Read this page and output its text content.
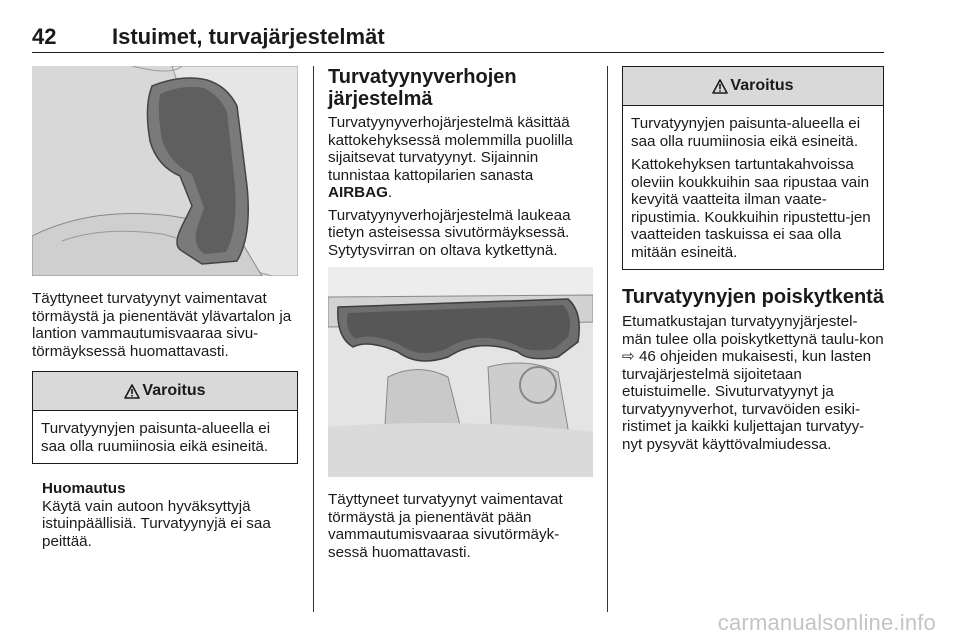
42	Istuimet, turvajärjestelmät

Täyttyneet turvatyynyt vaimentavat törmäystä ja pienentävät ylävartalon ja lantion vammautumisvaaraa sivu-törmäyksessä huomattavasti.

Varoitus

Turvatyynyjen paisunta-alueella ei saa olla ruumiinosia eikä esineitä.

Huomautus

Käytä vain autoon hyväksyttyjä istuinpäällisiä. Turvatyynyjä ei saa peittää.

Turvatyynyverhojen järjestelmä

Turvatyynyverhojärjestelmä käsittää kattokehyksessä molemmilla puolilla sijaitsevat turvatyynyt. Sijainnin tunnistaa kattopilarien sanasta AIRBAG.

Turvatyynyverhojärjestelmä laukeaa tietyn asteisessa sivutörmäyksessä. Sytytysvirran on oltava kytkettynä.

Täyttyneet turvatyynyt vaimentavat törmäystä ja pienentävät pään vammautumisvaaraa sivutörmäyk-sessä huomattavasti.

Varoitus

Turvatyynyjen paisunta-alueella ei saa olla ruumiinosia eikä esineitä.

Kattokehyksen tartuntakahvoissa oleviin koukkuihin saa ripustaa vain kevyitä vaatteita ilman vaate-ripustimia. Koukkuihin ripustettu-jen vaatteiden taskuissa ei saa olla mitään esineitä.

Turvatyynyjen poiskytkentä

Etumatkustajan turvatyynyjärjestel-män tulee olla poiskytkettynä taulu-kon ⇨ 46 ohjeiden mukaisesti, kun lasten turvajärjestelmä sijoitetaan etuistuimelle. Sivuturvatyynyt ja turvatyynyverhot, turvavöiden esiki-ristimet ja kaikki kuljettajan turvatyy-nyt pysyvät käyttövalmiudessa.

carmanualsonline.info
